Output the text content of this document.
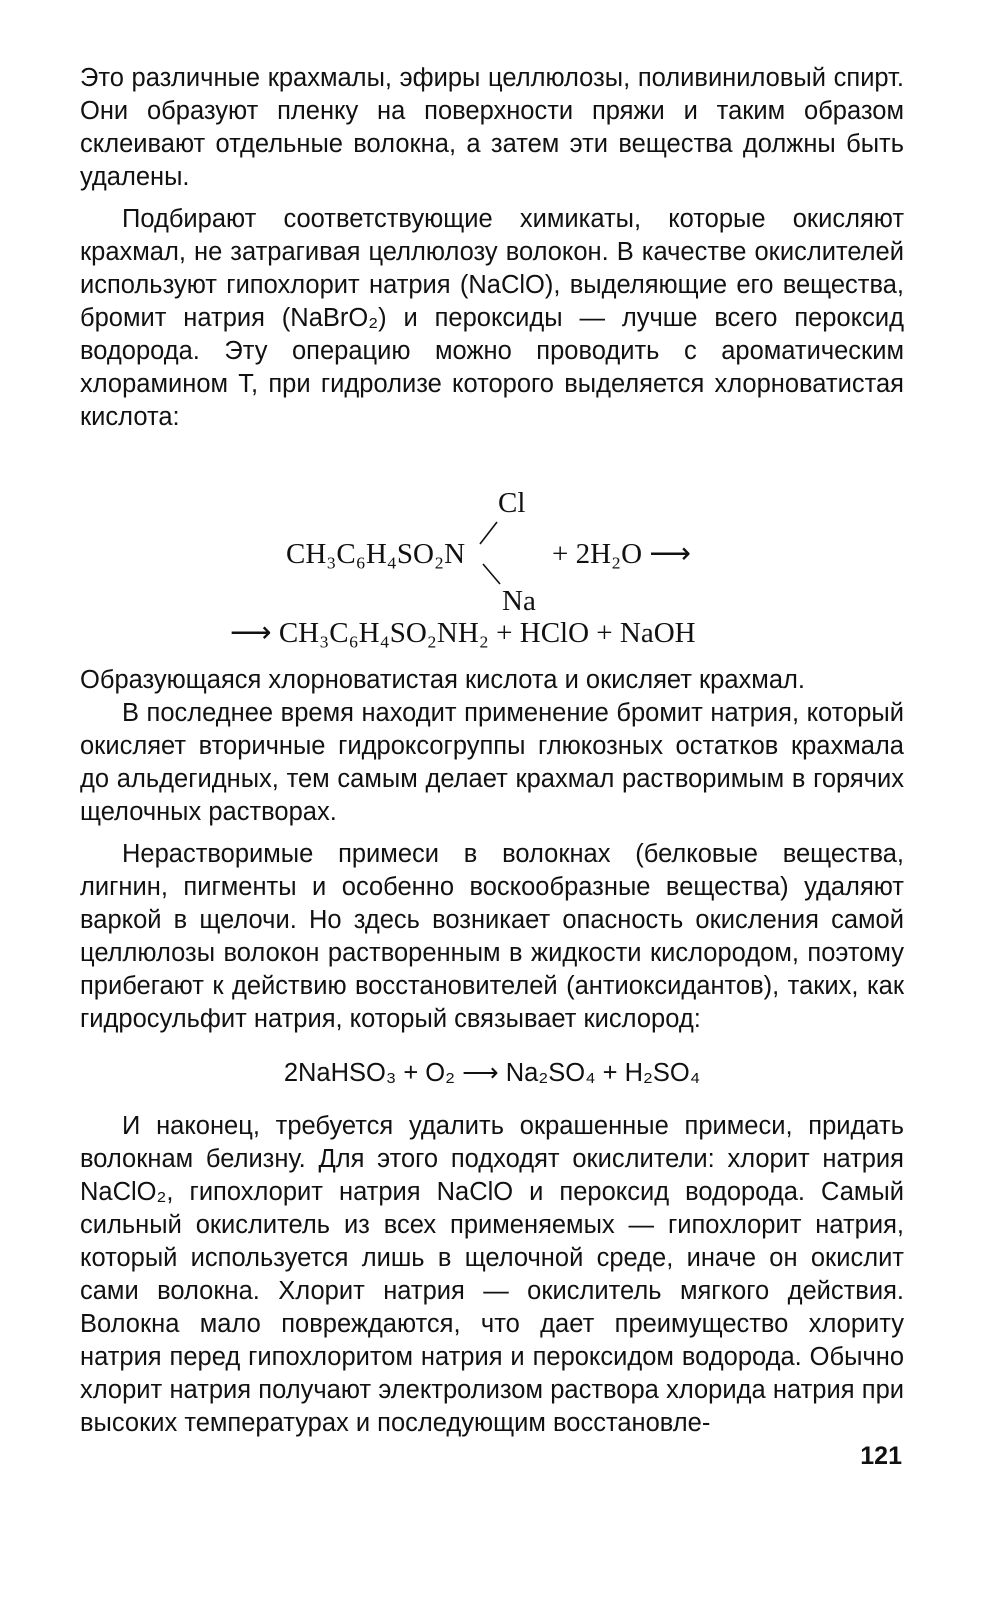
Это различные крахмалы, эфиры целлюлозы, поливиниловый спирт. Они образуют пленку на поверхности пряжи и таким образом склеивают отдельные волокна, а затем эти вещества должны быть удалены.

Подбирают соответствующие химикаты, которые окисляют крахмал, не затрагивая целлюлозу волокон. В качестве окислителей используют гипохлорит натрия (NaClO), выделяющие его вещества, бромит натрия (NaBrO₂) и пероксиды — лучше всего пероксид водорода. Эту операцию можно проводить с ароматическим хлорамином Т, при гидролизе которого выделяется хлорноватистая кислота:

Cl
CH₃C₆H₄SO₂N	+ 2H₂O ⟶
Na
⟶ CH₃C₆H₄SO₂NH₂ + HClO + NaOH

Образующаяся хлорноватистая кислота и окисляет крахмал.

В последнее время находит применение бромит натрия, который окисляет вторичные гидроксогруппы глюкозных остатков крахмала до альдегидных, тем самым делает крахмал растворимым в горячих щелочных растворах.

Нерастворимые примеси в волокнах (белковые вещества, лигнин, пигменты и особенно воскообразные вещества) удаляют варкой в щелочи. Но здесь возникает опасность окисления самой целлюлозы волокон растворенным в жидкости кислородом, поэтому прибегают к действию восстановителей (антиоксидантов), таких, как гидросульфит натрия, который связывает кислород:

2NaHSO₃ + O₂ ⟶ Na₂SO₄ + H₂SO₄

И наконец, требуется удалить окрашенные примеси, придать волокнам белизну. Для этого подходят окислители: хлорит натрия NaClO₂, гипохлорит натрия NaClO и пероксид водорода. Самый сильный окислитель из всех применяемых — гипохлорит натрия, который используется лишь в щелочной среде, иначе он окислит сами волокна. Хлорит натрия — окислитель мягкого действия. Волокна мало повреждаются, что дает преимущество хлориту натрия перед гипохлоритом натрия и пероксидом водорода. Обычно хлорит натрия получают электролизом раствора хлорида натрия при высоких температурах и последующим восстановле-

121
